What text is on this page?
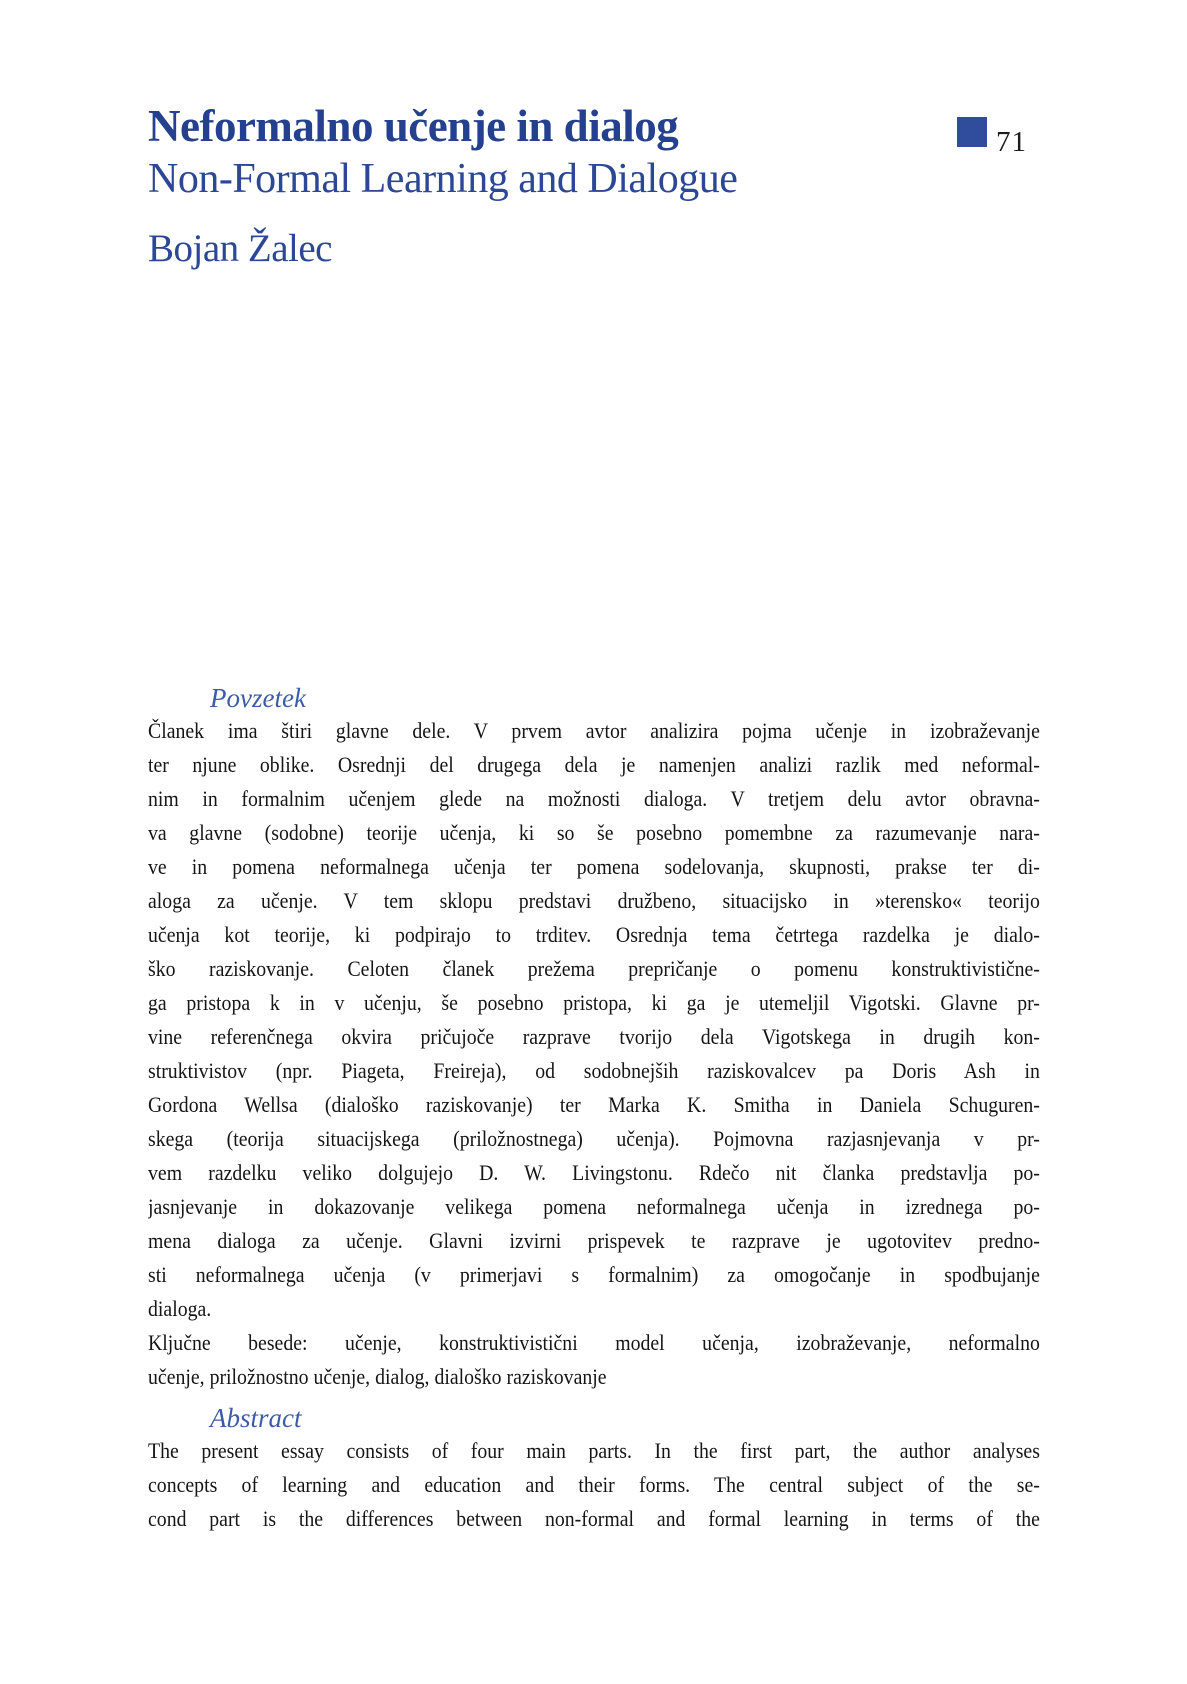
71
Neformalno učenje in dialog
Non-Formal Learning and Dialogue
Bojan Žalec
Povzetek
Članek ima štiri glavne dele. V prvem avtor analizira pojma učenje in izobraževanje
ter njune oblike. Osrednji del drugega dela je namenjen analizi razlik med neformal-
nim in formalnim učenjem glede na možnosti dialoga. V tretjem delu avtor obravna-
va glavne (sodobne) teorije učenja, ki so še posebno pomembne za razumevanje nara-
ve in pomena neformalnega učenja ter pomena sodelovanja, skupnosti, prakse ter di-
aloga za učenje. V tem sklopu predstavi družbeno, situacijsko in »terensko« teorijo
učenja kot teorije, ki podpirajo to trditev. Osrednja tema četrtega razdelka je dialo-
ško raziskovanje. Celoten članek prežema prepričanje o pomenu konstruktivistične-
ga pristopa k in v učenju, še posebno pristopa, ki ga je utemeljil Vigotski. Glavne pr-
vine referenčnega okvira pričujoče razprave tvorijo dela Vigotskega in drugih kon-
struktivistov (npr. Piageta, Freireja), od sodobnejših raziskovalcev pa Doris Ash in
Gordona Wellsa (dialoško raziskovanje) ter Marka K. Smitha in Daniela Schuguren-
skega (teorija situacijskega (priložnostnega) učenja). Pojmovna razjasnjevanja v pr-
vem razdelku veliko dolgujejo D. W. Livingstonu. Rdečo nit članka predstavlja po-
jasnjevanje in dokazovanje velikega pomena neformalnega učenja in izrednega po-
mena dialoga za učenje. Glavni izvirni prispevek te razprave je ugotovitev predno-
sti neformalnega učenja (v primerjavi s formalnim) za omogočanje in spodbujanje
dialoga.
Ključne besede: učenje, konstruktivistični model učenja, izobraževanje, neformalno
učenje, priložnostno učenje, dialog, dialoško raziskovanje
Abstract
The present essay consists of four main parts. In the first part, the author analyses
concepts of learning and education and their forms. The central subject of the se-
cond part is the differences between non-formal and formal learning in terms of the
